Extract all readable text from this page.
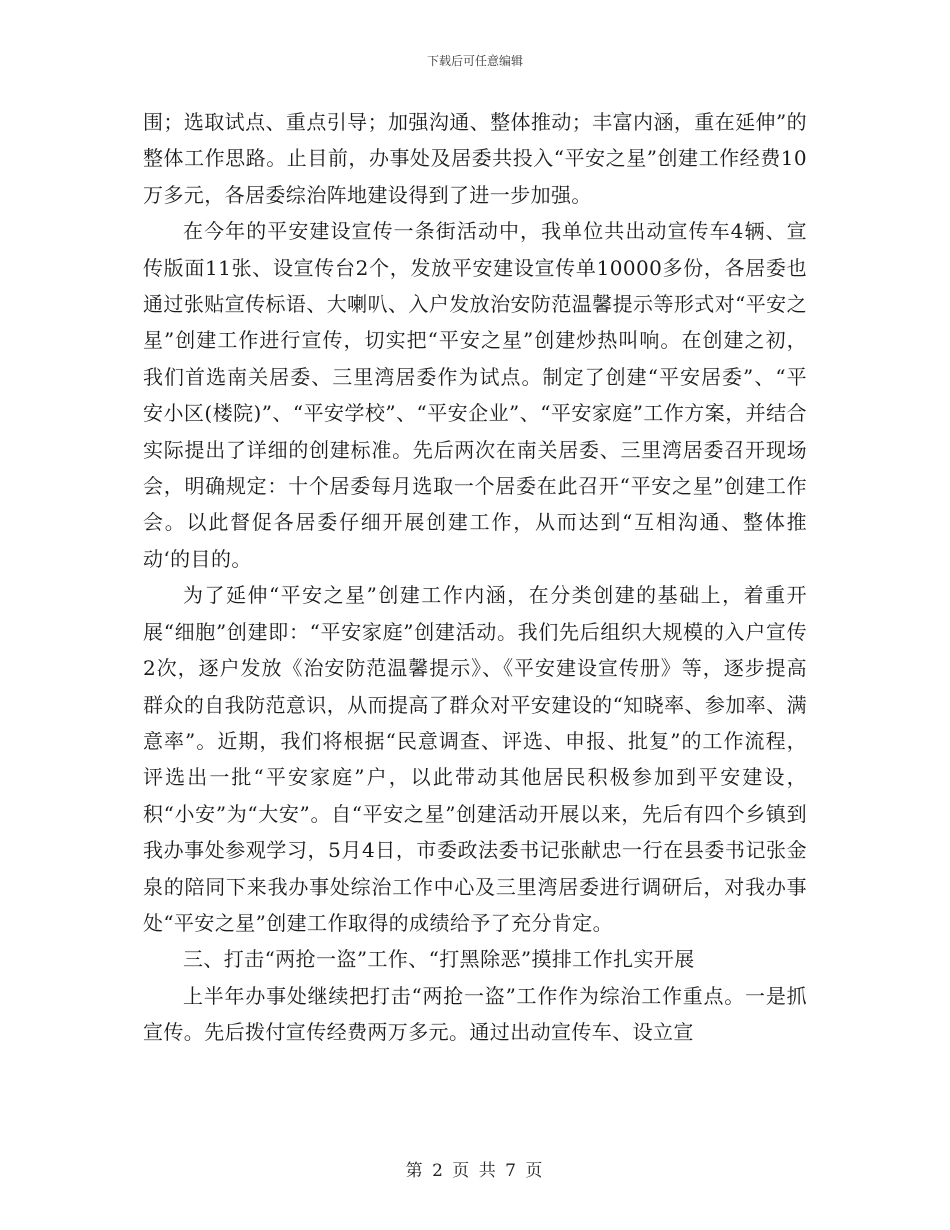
下载后可任意编辑

围；选取试点、重点引导；加强沟通、整体推动；丰富内涵，重在延伸”的整体工作思路。止目前，办事处及居委共投入“平安之星”创建工作经费10万多元，各居委综治阵地建设得到了进一步加强。

在今年的平安建设宣传一条街活动中，我单位共出动宣传车4辆、宣传版面11张、设宣传台2个，发放平安建设宣传单10000多份，各居委也通过张贴宣传标语、大喇叭、入户发放治安防范温馨提示等形式对“平安之星”创建工作进行宣传，切实把“平安之星”创建炒热叫响。在创建之初，我们首选南关居委、三里湾居委作为试点。制定了创建“平安居委”、“平安小区(楼院)”、“平安学校”、“平安企业”、“平安家庭”工作方案，并结合实际提出了详细的创建标准。先后两次在南关居委、三里湾居委召开现场会，明确规定：十个居委每月选取一个居委在此召开“平安之星”创建工作会。以此督促各居委仔细开展创建工作，从而达到“互相沟通、整体推动‘的目的。

为了延伸“平安之星”创建工作内涵，在分类创建的基础上，着重开展“细胞”创建即：“平安家庭”创建活动。我们先后组织大规模的入户宣传2次，逐户发放《治安防范温馨提示》、《平安建设宣传册》等，逐步提高群众的自我防范意识，从而提高了群众对平安建设的“知晓率、参加率、满意率”。近期，我们将根据“民意调查、评选、申报、批复”的工作流程，评选出一批“平安家庭”户，以此带动其他居民积极参加到平安建设，积“小安”为“大安”。自“平安之星”创建活动开展以来，先后有四个乡镇到我办事处参观学习，5月4日，市委政法委书记张献忠一行在县委书记张金泉的陪同下来我办事处综治工作中心及三里湾居委进行调研后，对我办事处“平安之星”创建工作取得的成绩给予了充分肯定。

三、打击“两抢一盗”工作、“打黑除恶”摸排工作扎实开展

上半年办事处继续把打击“两抢一盗”工作作为综治工作重点。一是抓宣传。先后拨付宣传经费两万多元。通过出动宣传车、设立宣

第 2 页 共 7 页
